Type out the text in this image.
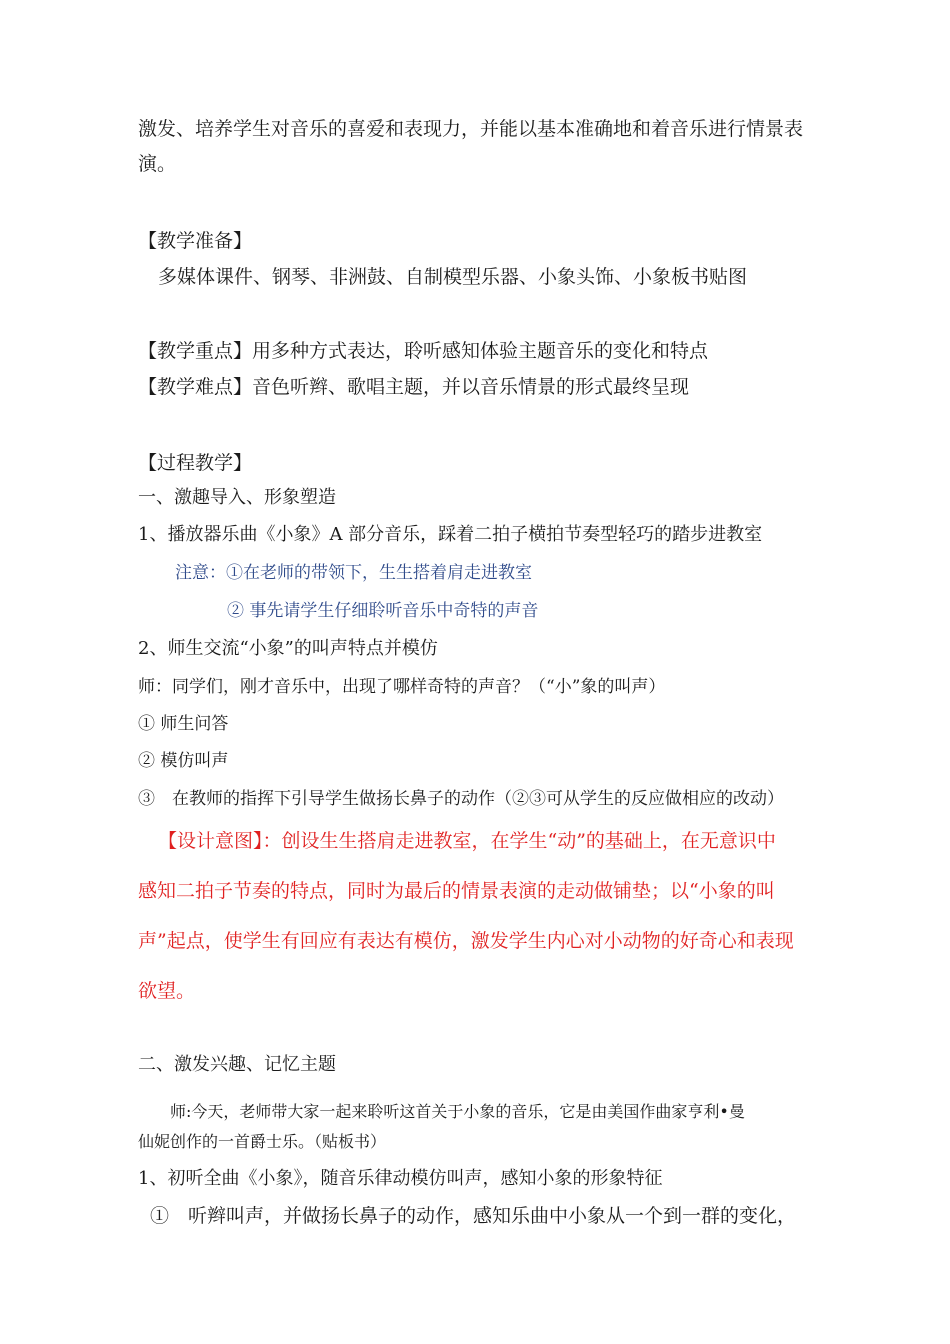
激发、培养学生对音乐的喜爱和表现力，并能以基本准确地和着音乐进行情景表
演。
【教学准备】
多媒体课件、钢琴、非洲鼓、自制模型乐器、小象头饰、小象板书贴图
【教学重点】用多种方式表达，聆听感知体验主题音乐的变化和特点
【教学难点】音色听辫、歌唱主题，并以音乐情景的形式最终呈现
【过程教学】
一、激趣导入、形象塑造
1、播放器乐曲《小象》A 部分音乐，踩着二拍子横拍节奏型轻巧的踏步进教室
注意：①在老师的带领下，生生搭着肩走进教室
② 事先请学生仔细聆听音乐中奇特的声音
2、师生交流“小象”的叫声特点并模仿
师：同学们，刚才音乐中，出现了哪样奇特的声音？（“小”象的叫声）
① 师生问答
② 模仿叫声
③　在教师的指挥下引导学生做扬长鼻子的动作（②③可从学生的反应做相应的改动）
【设计意图】：创设生生搭肩走进教室，在学生“动”的基础上，在无意识中
感知二拍子节奏的特点，同时为最后的情景表演的走动做铺垫；以“小象的叫
声”起点，使学生有回应有表达有模仿，激发学生内心对小动物的好奇心和表现
欲望。
二、激发兴趣、记忆主题
师:今天，老师带大家一起来聆听这首关于小象的音乐，它是由美国作曲家亨利•曼
仙妮创作的一首爵士乐。（贴板书）
1、初听全曲《小象》，随音乐律动模仿叫声，感知小象的形象特征
①　听辫叫声，并做扬长鼻子的动作，感知乐曲中小象从一个到一群的变化，
